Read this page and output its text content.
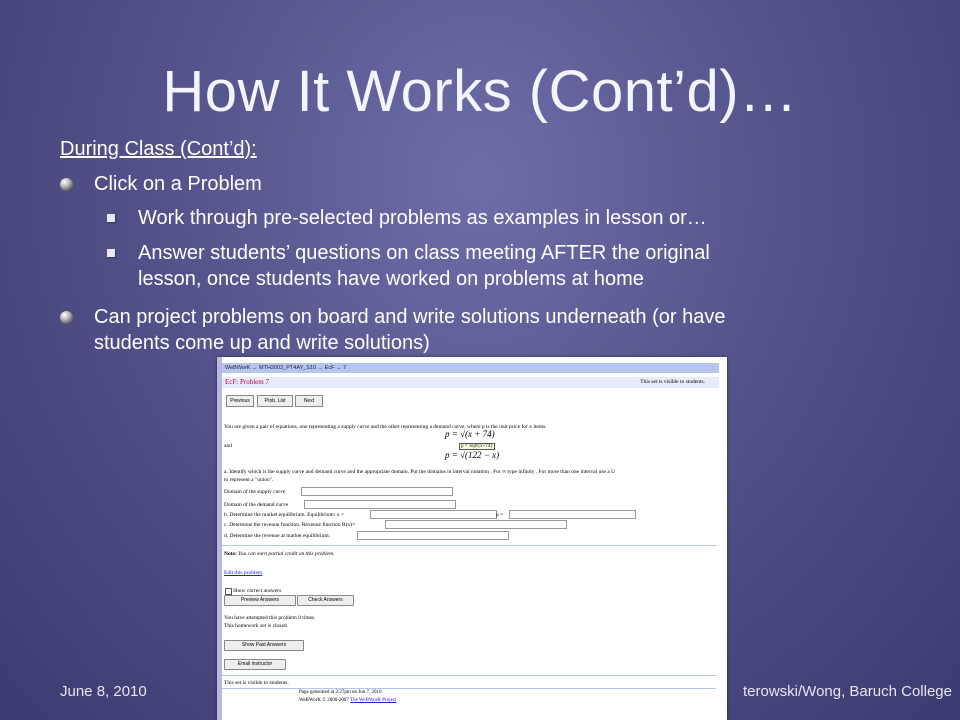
How It Works (Cont’d)…
During Class (Cont’d):
Click on a Problem
Work through pre-selected problems as examples in lesson or…
Answer students’ questions on class meeting AFTER the original
lesson, once students have worked on problems at home
Can project problems on board and write solutions underneath (or have
students come up and write solutions)
June 8, 2010	terowski/Wong, Baruch College
WeBWorK → MTH2003_PT4AY_S10 → EcF → 7
EcF: Problem 7	This set is visible to students.
Previous	Prob. List	Next
You are given a pair of equations, one representing a supply curve and the other representing a demand curve, where p is the unit price for x items.
p = √(x + 74)
p = \sqrt{x+74}
and
p = √(122 − x)
a. Identify which is the supply curve and demand curve and the appropriate domain. Put the domains in interval notation . For ∞ type infinity . For more than one interval use a U
to represent a "union".
Domain of the supply curve
Domain of the demand curve
b. Determine the market equilibrium. Equilibrium: x =	p =
c. Determine the revenue function. Revenue function R(x)=
d. Determine the revenue at market equilibrium.
Note: You can earn partial credit on this problem.
Edit this problem
Show correct answers
Preview Answers	Check Answers
You have attempted this problem 0 times.
This homework set is closed.
Show Past Answers
Email instructor
This set is visible to students.
Page generated at 2:27pm on Jun 7, 2010
WeBWorK © 2000-2007 The WeBWorK Project
